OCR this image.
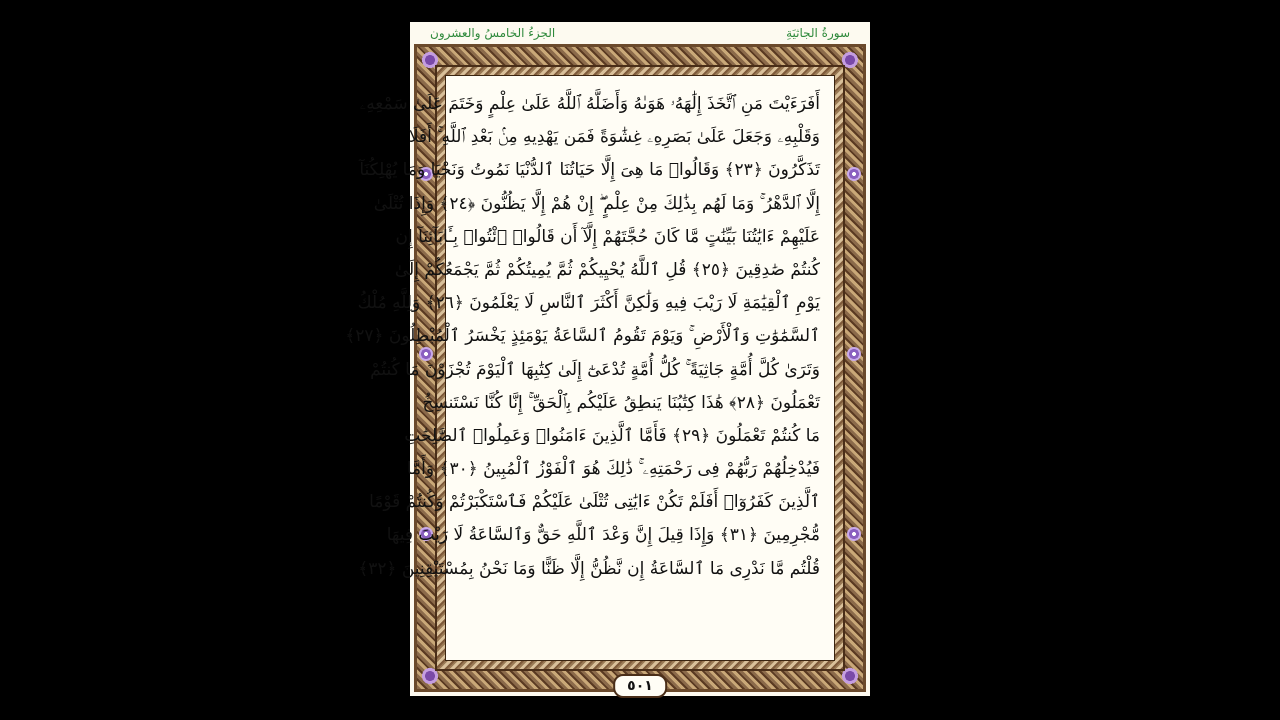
سورةُ الجاثيَةِ
الجزءُ الخامسُ والعشرون
أَفَرَءَيْتَ مَنِ ٱتَّخَذَ إِلَٰهَهُۥ هَوَىٰهُ وَأَضَلَّهُ ٱللَّهُ عَلَىٰ عِلْمٍ وَخَتَمَ عَلَىٰ سَمْعِهِۦ
وَقَلْبِهِۦ وَجَعَلَ عَلَىٰ بَصَرِهِۦ غِشَٰوَةً فَمَن يَهْدِيهِ مِنۢ بَعْدِ ٱللَّهِ ۚ أَفَلَا
تَذَكَّرُونَ ﴿٢٣﴾ وَقَالُوا۟ مَا هِىَ إِلَّا حَيَاتُنَا ٱلدُّنْيَا نَمُوتُ وَنَحْيَا وَمَا يُهْلِكُنَآ
إِلَّا ٱلدَّهْرُ ۚ وَمَا لَهُم بِذَٰلِكَ مِنْ عِلْمٍ ۖ إِنْ هُمْ إِلَّا يَظُنُّونَ ﴿٢٤﴾ وَإِذَا تُتْلَىٰ
عَلَيْهِمْ ءَايَٰتُنَا بَيِّنَٰتٍ مَّا كَانَ حُجَّتَهُمْ إِلَّآ أَن قَالُوا۟ ٱئْتُوا۟ بِـَٔابَآئِنَآ إِن
كُنتُمْ صَٰدِقِينَ ﴿٢٥﴾ قُلِ ٱللَّهُ يُحْيِيكُمْ ثُمَّ يُمِيتُكُمْ ثُمَّ يَجْمَعُكُمْ إِلَىٰ
يَوْمِ ٱلْقِيَٰمَةِ لَا رَيْبَ فِيهِ وَلَٰكِنَّ أَكْثَرَ ٱلنَّاسِ لَا يَعْلَمُونَ ﴿٢٦﴾ وَلِلَّهِ مُلْكُ
ٱلسَّمَٰوَٰتِ وَٱلْأَرْضِ ۚ وَيَوْمَ تَقُومُ ٱلسَّاعَةُ يَوْمَئِذٍ يَخْسَرُ ٱلْمُبْطِلُونَ ﴿٢٧﴾
وَتَرَىٰ كُلَّ أُمَّةٍ جَاثِيَةً ۚ كُلُّ أُمَّةٍ تُدْعَىٰٓ إِلَىٰ كِتَٰبِهَا ٱلْيَوْمَ تُجْزَوْنَ مَا كُنتُمْ
تَعْمَلُونَ ﴿٢٨﴾ هَٰذَا كِتَٰبُنَا يَنطِقُ عَلَيْكُم بِٱلْحَقِّ ۚ إِنَّا كُنَّا نَسْتَنسِخُ
مَا كُنتُمْ تَعْمَلُونَ ﴿٢٩﴾ فَأَمَّا ٱلَّذِينَ ءَامَنُوا۟ وَعَمِلُوا۟ ٱلصَّٰلِحَٰتِ
فَيُدْخِلُهُمْ رَبُّهُمْ فِى رَحْمَتِهِۦ ۚ ذَٰلِكَ هُوَ ٱلْفَوْزُ ٱلْمُبِينُ ﴿٣٠﴾ وَأَمَّا
ٱلَّذِينَ كَفَرُوٓا۟ أَفَلَمْ تَكُنْ ءَايَٰتِى تُتْلَىٰ عَلَيْكُمْ فَٱسْتَكْبَرْتُمْ وَكُنتُمْ قَوْمًا
مُّجْرِمِينَ ﴿٣١﴾ وَإِذَا قِيلَ إِنَّ وَعْدَ ٱللَّهِ حَقٌّ وَٱلسَّاعَةُ لَا رَيْبَ فِيهَا
قُلْتُم مَّا نَدْرِى مَا ٱلسَّاعَةُ إِن نَّظُنُّ إِلَّا ظَنًّا وَمَا نَحْنُ بِمُسْتَيْقِنِينَ ﴿٣٢﴾
٥٠١
